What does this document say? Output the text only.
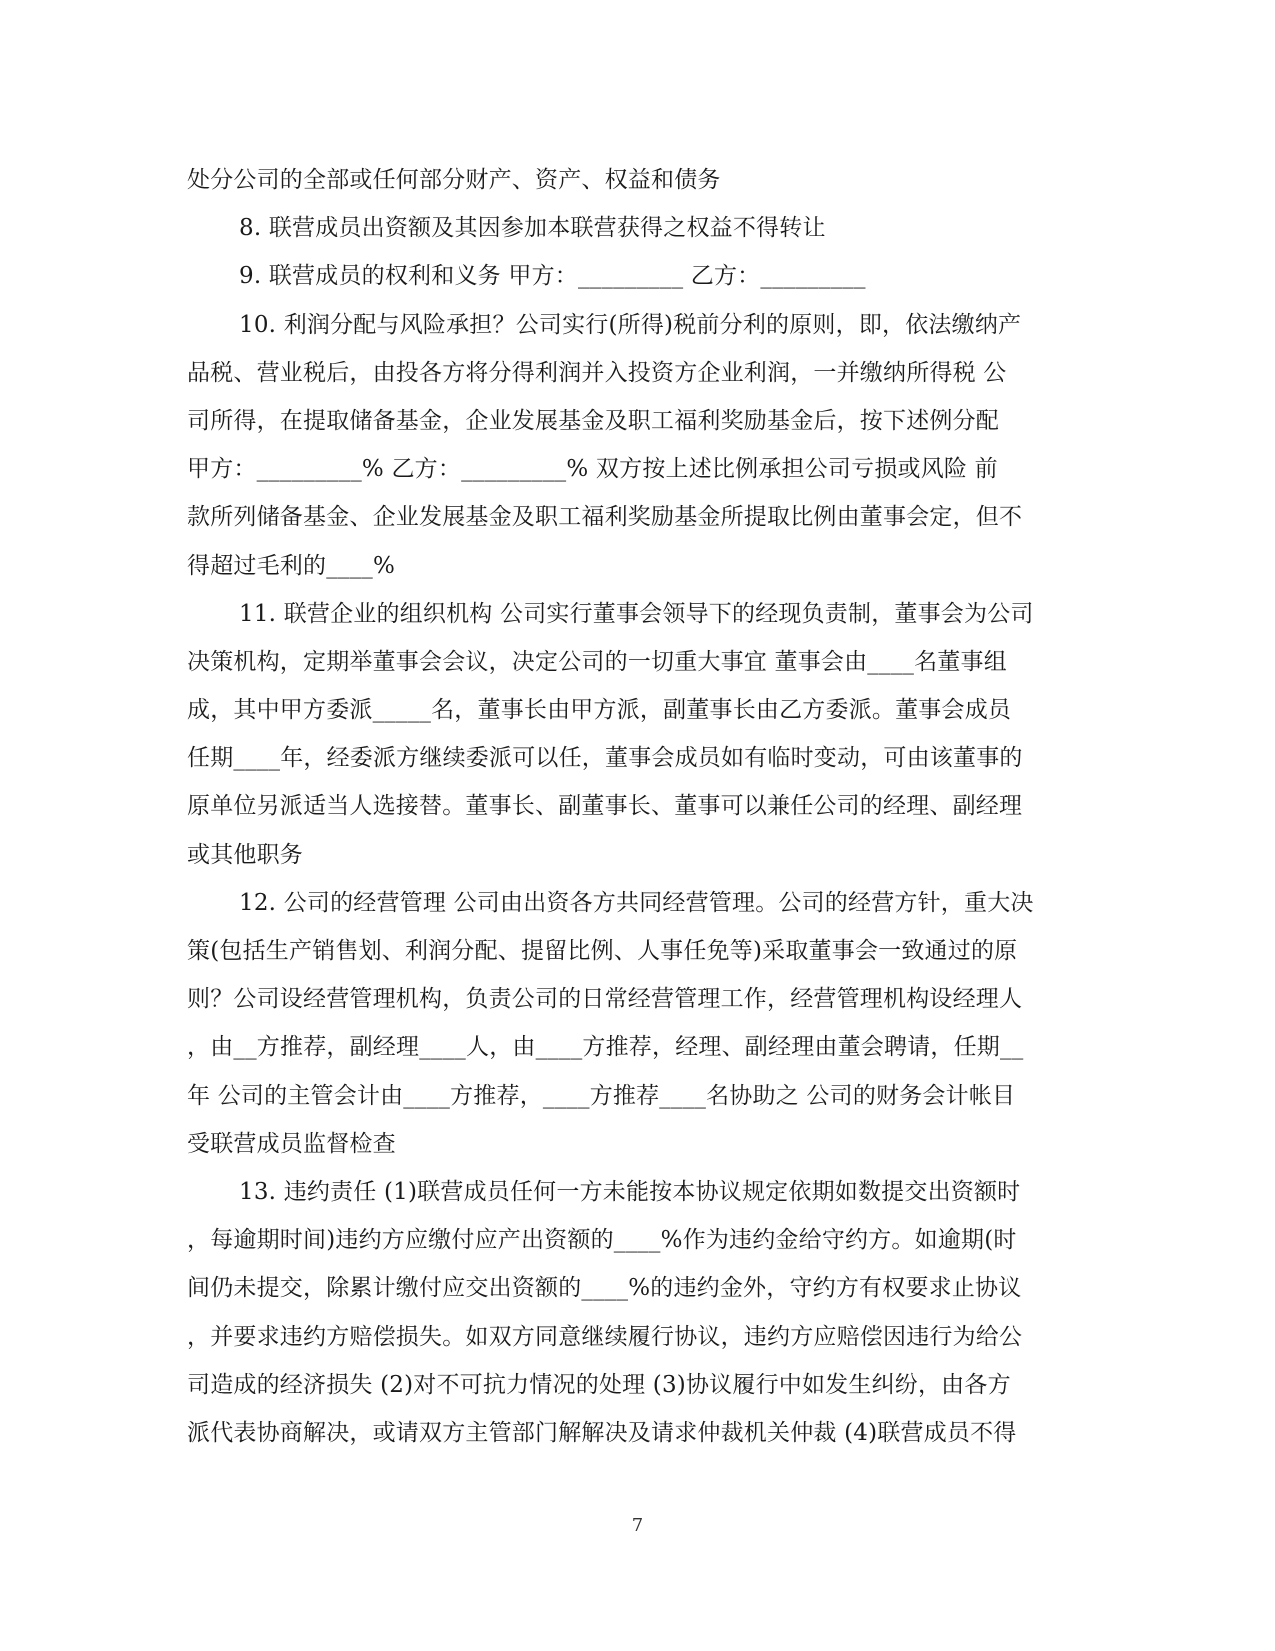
处分公司的全部或任何部分财产、资产、权益和债务
8. 联营成员出资额及其因参加本联营获得之权益不得转让
9. 联营成员的权利和义务 甲方：_________ 乙方：_________
10. 利润分配与风险承担？公司实行(所得)税前分利的原则，即，依法缴纳产
品税、营业税后，由投各方将分得利润并入投资方企业利润，一并缴纳所得税 公
司所得，在提取储备基金，企业发展基金及职工福利奖励基金后，按下述例分配
甲方：_________% 乙方：_________% 双方按上述比例承担公司亏损或风险 前
款所列储备基金、企业发展基金及职工福利奖励基金所提取比例由董事会定，但不
得超过毛利的____%
11. 联营企业的组织机构 公司实行董事会领导下的经现负责制，董事会为公司
决策机构，定期举董事会会议，决定公司的一切重大事宜 董事会由____名董事组
成，其中甲方委派_____名，董事长由甲方派，副董事长由乙方委派。董事会成员
任期____年，经委派方继续委派可以任，董事会成员如有临时变动，可由该董事的
原单位另派适当人选接替。董事长、副董事长、董事可以兼任公司的经理、副经理
或其他职务
12. 公司的经营管理 公司由出资各方共同经营管理。公司的经营方针，重大决
策(包括生产销售划、利润分配、提留比例、人事任免等)采取董事会一致通过的原
则？公司设经营管理机构，负责公司的日常经营管理工作，经营管理机构设经理人
，由__方推荐，副经理____人，由____方推荐，经理、副经理由董会聘请，任期__
年 公司的主管会计由____方推荐，____方推荐____名协助之 公司的财务会计帐目
受联营成员监督检查
13. 违约责任 (1)联营成员任何一方未能按本协议规定依期如数提交出资额时
，每逾期时间)违约方应缴付应产出资额的____%作为违约金给守约方。如逾期(时
间仍未提交，除累计缴付应交出资额的____%的违约金外，守约方有权要求止协议
，并要求违约方赔偿损失。如双方同意继续履行协议，违约方应赔偿因违行为给公
司造成的经济损失 (2)对不可抗力情况的处理 (3)协议履行中如发生纠纷，由各方
派代表协商解决，或请双方主管部门解解决及请求仲裁机关仲裁 (4)联营成员不得
7
